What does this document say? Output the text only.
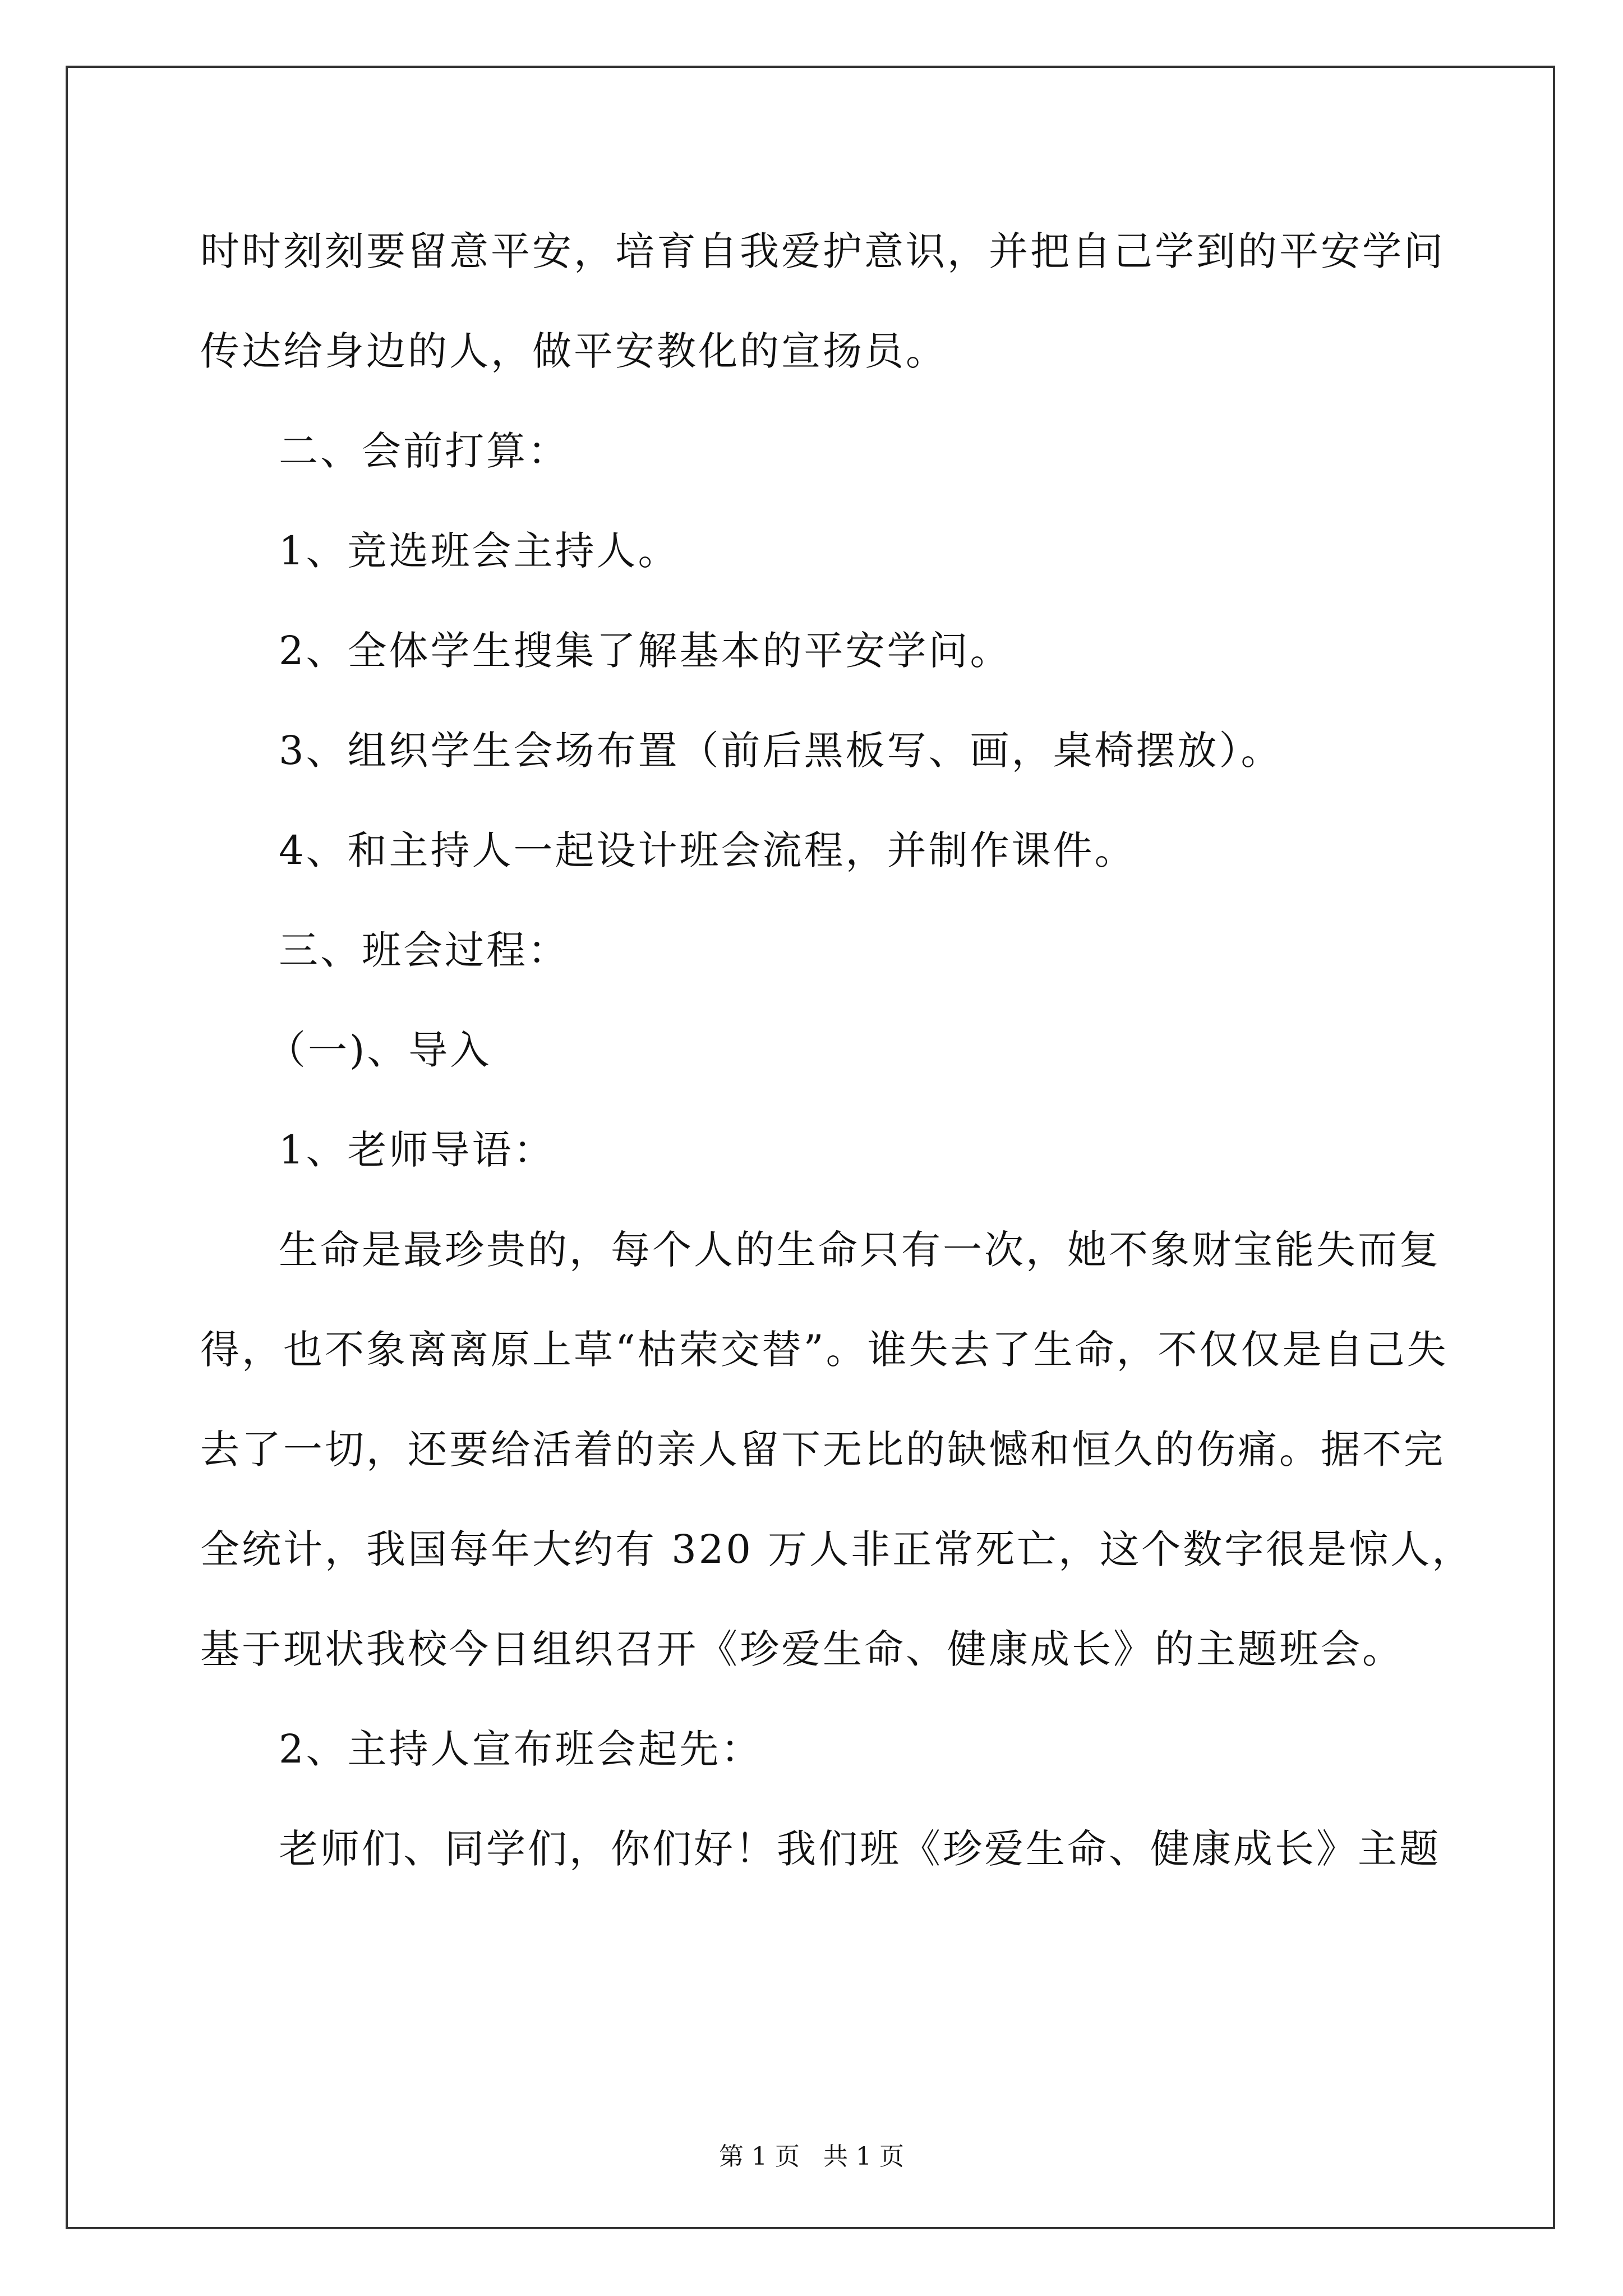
时时刻刻要留意平安，培育自我爱护意识，并把自己学到的平安学问
传达给身边的人，做平安教化的宣扬员。
二、会前打算：
1、竞选班会主持人。
2、全体学生搜集了解基本的平安学问。
3、组织学生会场布置（前后黑板写、画，桌椅摆放）。
4、和主持人一起设计班会流程，并制作课件。
三、班会过程：
（一)、导入
1、老师导语：
生命是最珍贵的，每个人的生命只有一次，她不象财宝能失而复
得，也不象离离原上草“枯荣交替”。谁失去了生命，不仅仅是自己失
去了一切，还要给活着的亲人留下无比的缺憾和恒久的伤痛。据不完
全统计，我国每年大约有 320 万人非正常死亡，这个数字很是惊人，
基于现状我校今日组织召开《珍爱生命、健康成长》的主题班会。
2、主持人宣布班会起先：
老师们、同学们，你们好！我们班《珍爱生命、健康成长》主题
第 1 页   共 1 页
